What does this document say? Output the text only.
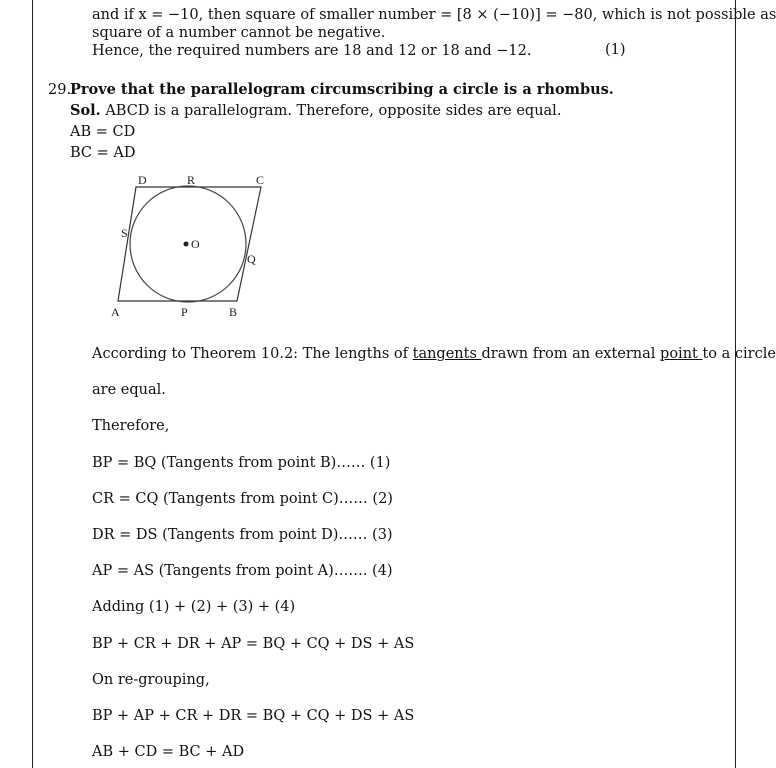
and if x = −10, then square of smaller number = [8 × (−10)] = −80, which is not possible as
square of a number cannot be negative.
Hence, the required numbers are 18 and 12 or 18 and −12.	(1)
29.
Prove that the parallelogram circumscribing a circle is a rhombus.
Sol. ABCD is a parallelogram. Therefore, opposite sides are equal.
AB = CD
BC = AD
O
D	R	C
S
Q
A	P	B
According to Theorem 10.2: The lengths of tangents drawn from an external point to a circle
are equal.
Therefore,
BP = BQ (Tangents from point B)…… (1)
CR = CQ (Tangents from point C)…… (2)
DR = DS (Tangents from point D)…… (3)
AP = AS (Tangents from point A)……. (4)
Adding (1) + (2) + (3) + (4)
BP + CR + DR + AP = BQ + CQ + DS + AS
On re-grouping,
BP + AP + CR + DR = BQ + CQ + DS + AS
AB + CD = BC + AD
